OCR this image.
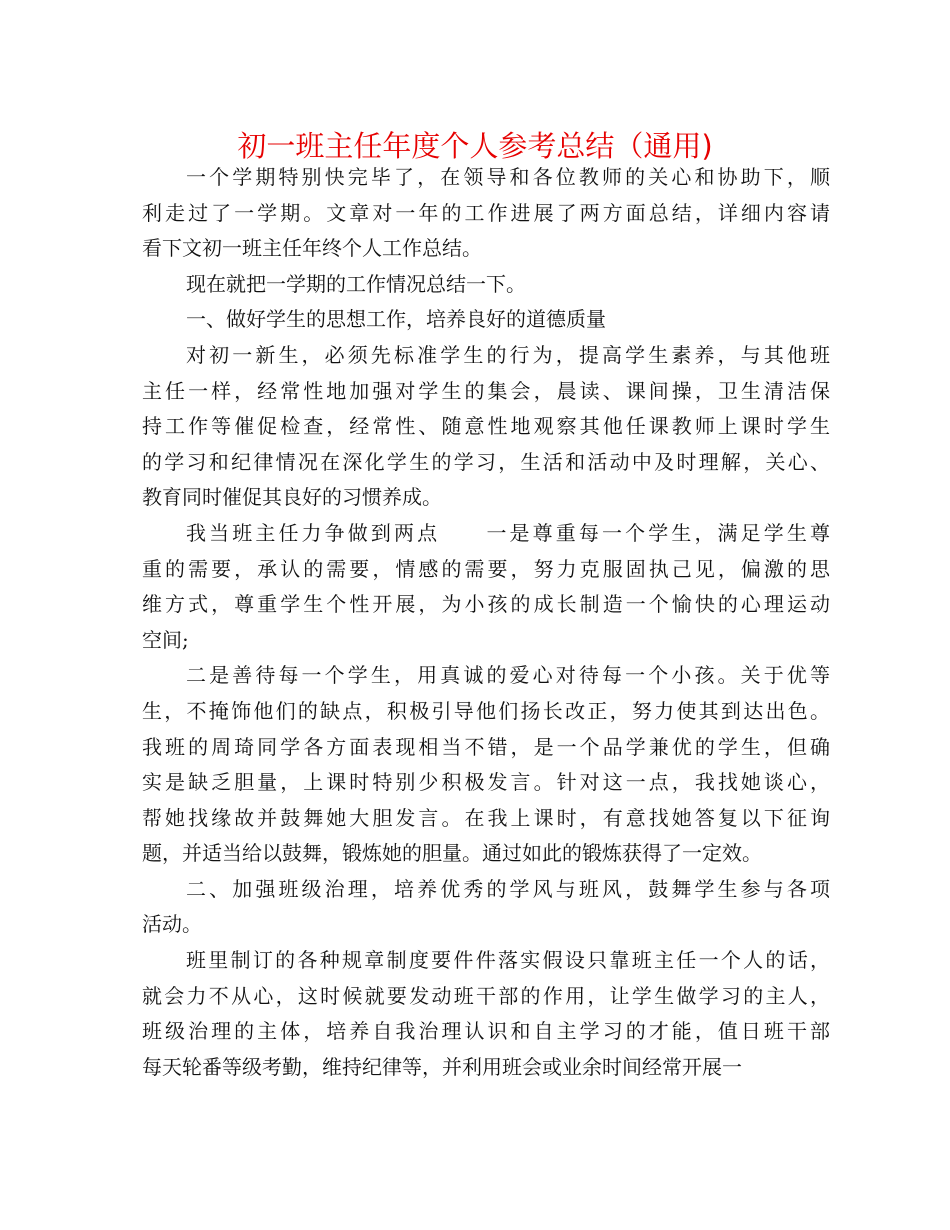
初一班主任年度个人参考总结（通用)

一个学期特别快完毕了，在领导和各位教师的关心和协助下，顺
利走过了一学期。文章对一年的工作进展了两方面总结，详细内容请
看下文初一班主任年终个人工作总结。

现在就把一学期的工作情况总结一下。

一、做好学生的思想工作，培养良好的道德质量

对初一新生，必须先标准学生的行为，提高学生素养，与其他班
主任一样，经常性地加强对学生的集会，晨读、课间操，卫生清洁保
持工作等催促检查，经常性、随意性地观察其他任课教师上课时学生
的学习和纪律情况在深化学生的学习，生活和活动中及时理解，关心、
教育同时催促其良好的习惯养成。

我当班主任力争做到两点　　一是尊重每一个学生，满足学生尊
重的需要，承认的需要，情感的需要，努力克服固执己见，偏激的思
维方式，尊重学生个性开展，为小孩的成长制造一个愉快的心理运动
空间;

二是善待每一个学生，用真诚的爱心对待每一个小孩。关于优等
生，不掩饰他们的缺点，积极引导他们扬长改正，努力使其到达出色。
我班的周琦同学各方面表现相当不错，是一个品学兼优的学生，但确
实是缺乏胆量，上课时特别少积极发言。针对这一点，我找她谈心，
帮她找缘故并鼓舞她大胆发言。在我上课时，有意找她答复以下征询
题，并适当给以鼓舞，锻炼她的胆量。通过如此的锻炼获得了一定效。

二、加强班级治理，培养优秀的学风与班风，鼓舞学生参与各项
活动。

班里制订的各种规章制度要件件落实假设只靠班主任一个人的话，
就会力不从心，这时候就要发动班干部的作用，让学生做学习的主人，
班级治理的主体，培养自我治理认识和自主学习的才能，值日班干部
每天轮番等级考勤，维持纪律等，并利用班会或业余时间经常开展一
